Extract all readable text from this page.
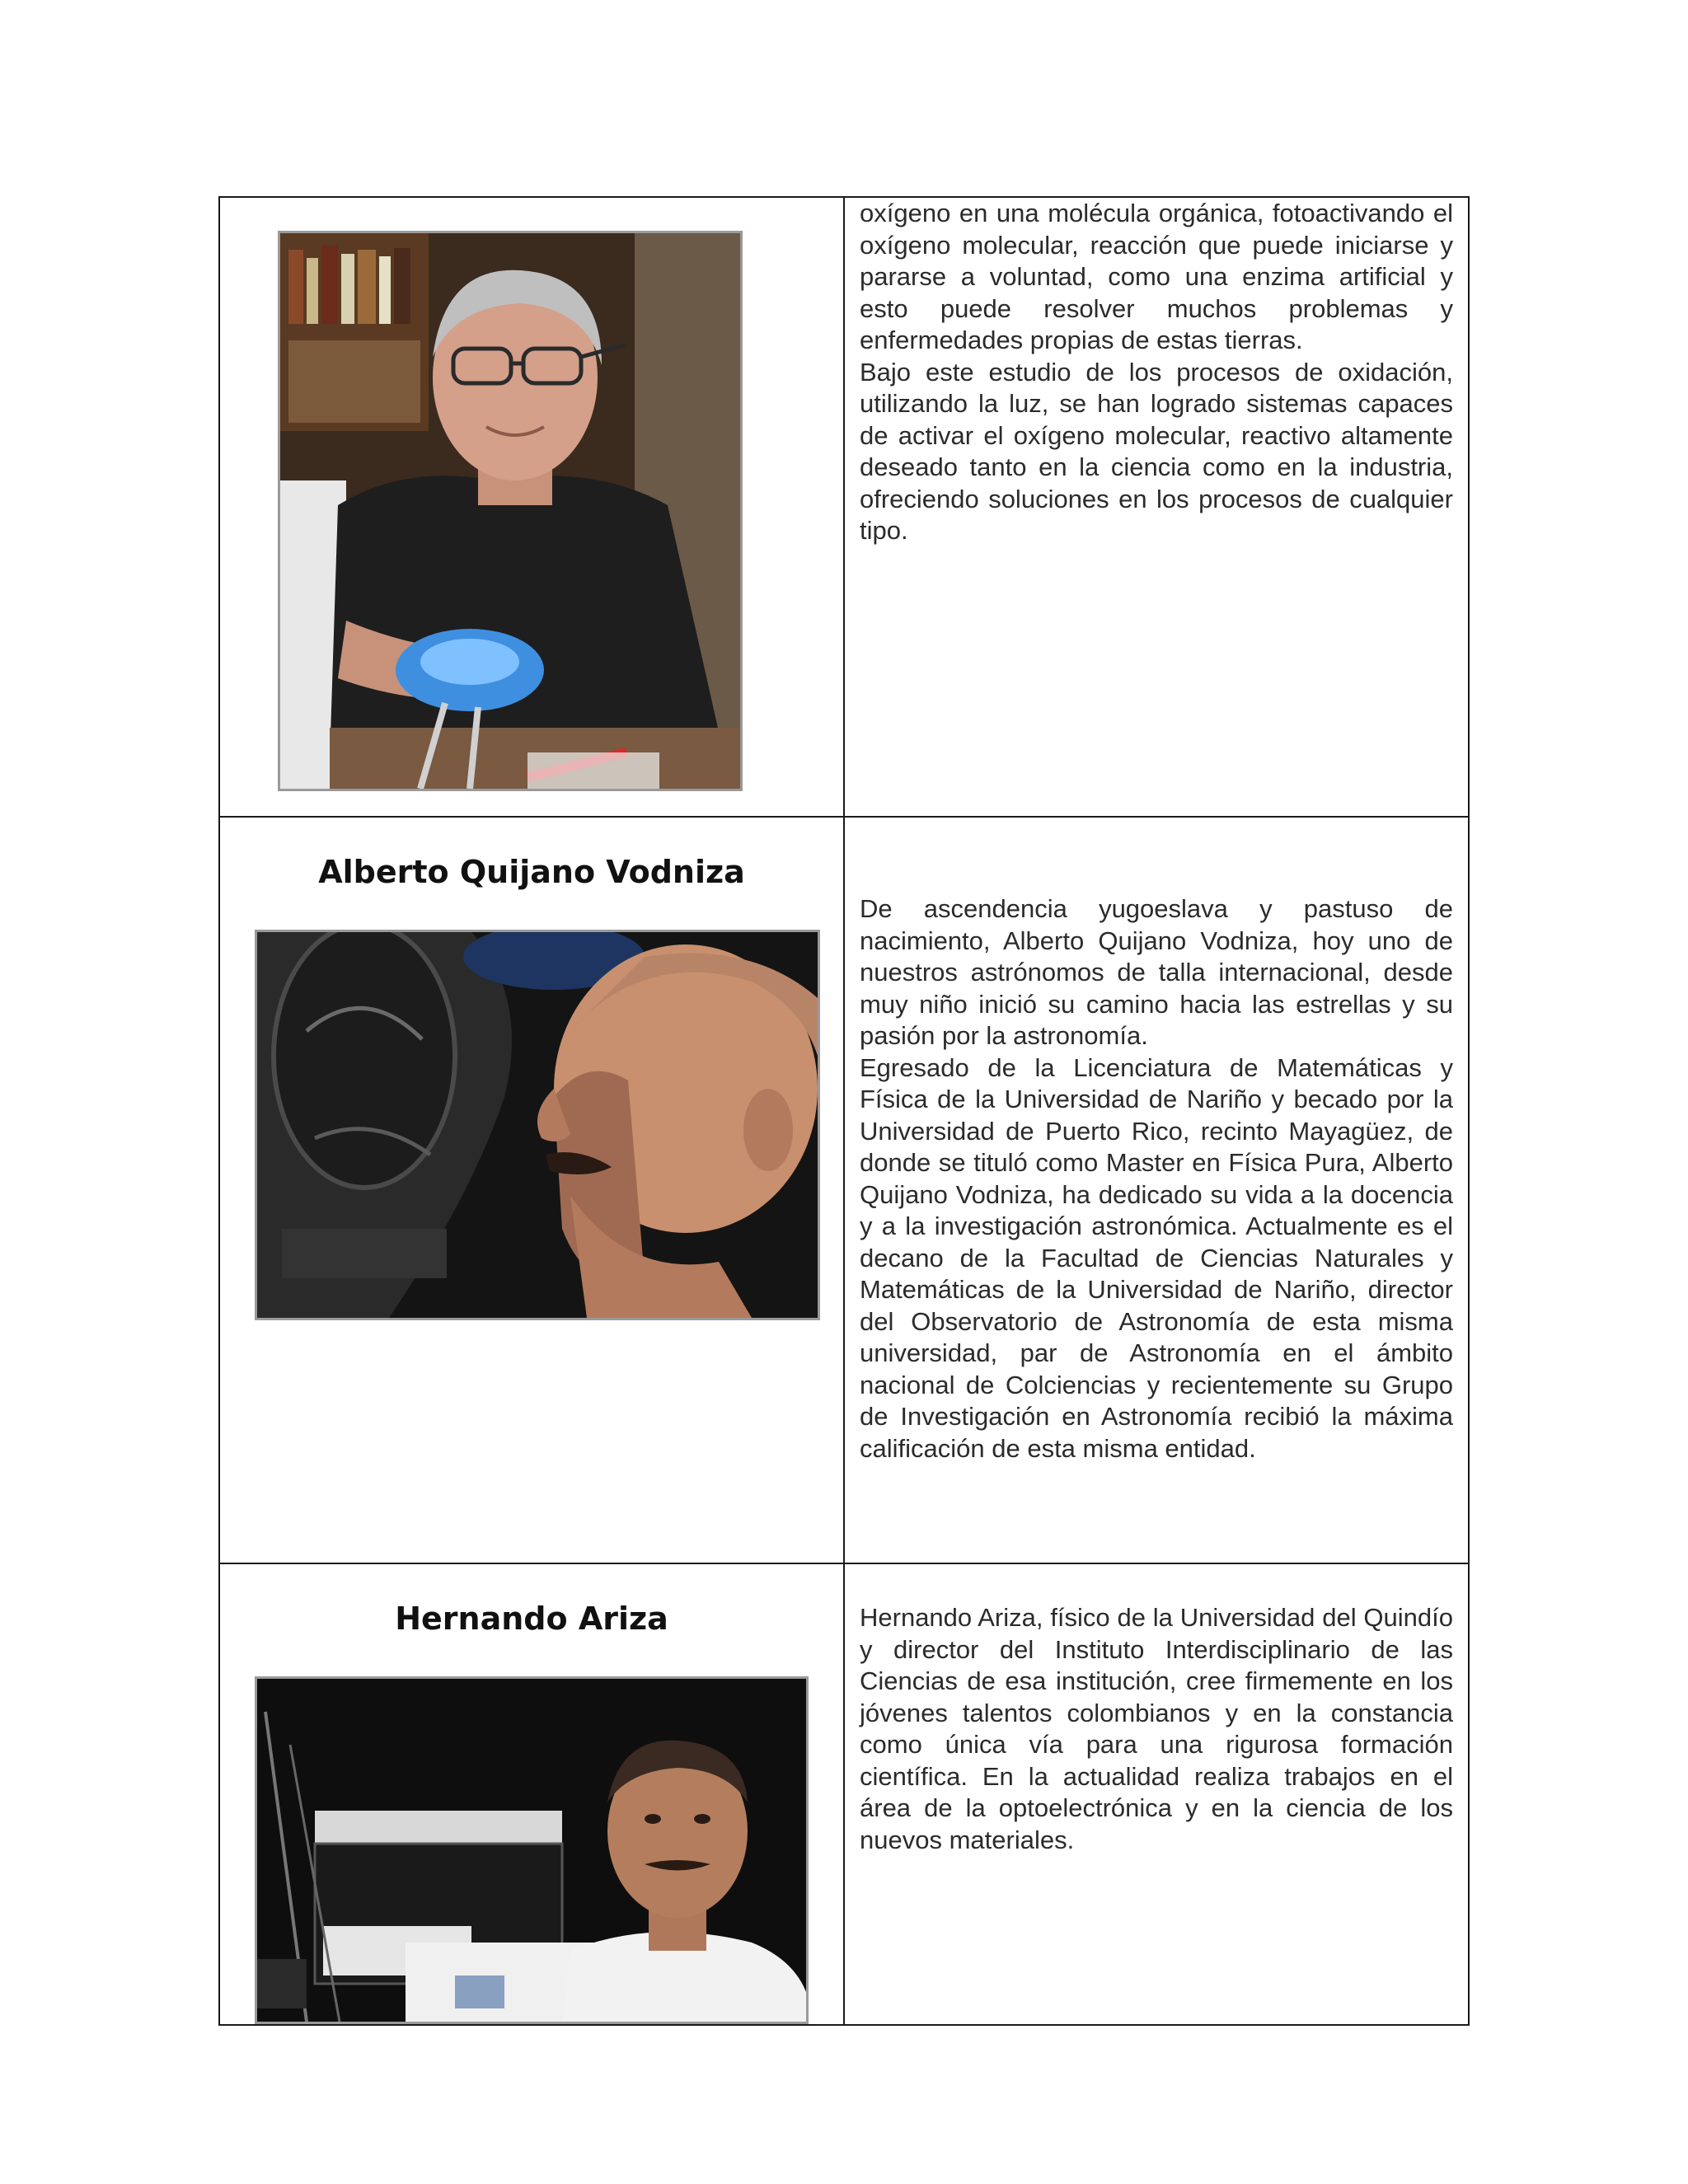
oxígeno en una molécula orgánica, fotoactivando el oxígeno molecular, reacción que puede iniciarse y pararse a voluntad, como una enzima artificial y esto puede resolver muchos problemas y enfermedades propias de estas tierras.

Bajo este estudio de los procesos de oxidación, utilizando la luz, se han logrado sistemas capaces de activar el oxígeno molecular, reactivo altamente deseado tanto en la ciencia como en la industria, ofreciendo soluciones en los procesos de cualquier tipo.

Alberto Quijano Vodniza	De ascendencia yugoeslava y pastuso de nacimiento, Alberto Quijano Vodniza, hoy uno de nuestros astrónomos de talla internacional, desde muy niño inició su camino hacia las estrellas y su pasión por la astronomía.

Egresado de la Licenciatura de Matemáticas y Física de la Universidad de Nariño y becado por la Universidad de Puerto Rico, recinto Mayagüez, de donde se tituló como Master en Física Pura, Alberto Quijano Vodniza, ha dedicado su vida a la docencia y a la investigación astronómica. Actualmente es el decano de la Facultad de Ciencias Naturales y Matemáticas de la Universidad de Nariño, director del Observatorio de Astronomía de esta misma universidad, par de Astronomía en el ámbito nacional de Colciencias y recientemente su Grupo de Investigación en Astronomía recibió la máxima calificación de esta misma entidad.

Hernando Ariza	Hernando Ariza, físico de la Universidad del Quindío y director del Instituto Interdisciplinario de las Ciencias de esa institución, cree firmemente en los jóvenes talentos colombianos y en la constancia como única vía para una rigurosa formación científica. En la actualidad realiza trabajos en el área de la optoelectrónica y en la ciencia de los nuevos materiales.
